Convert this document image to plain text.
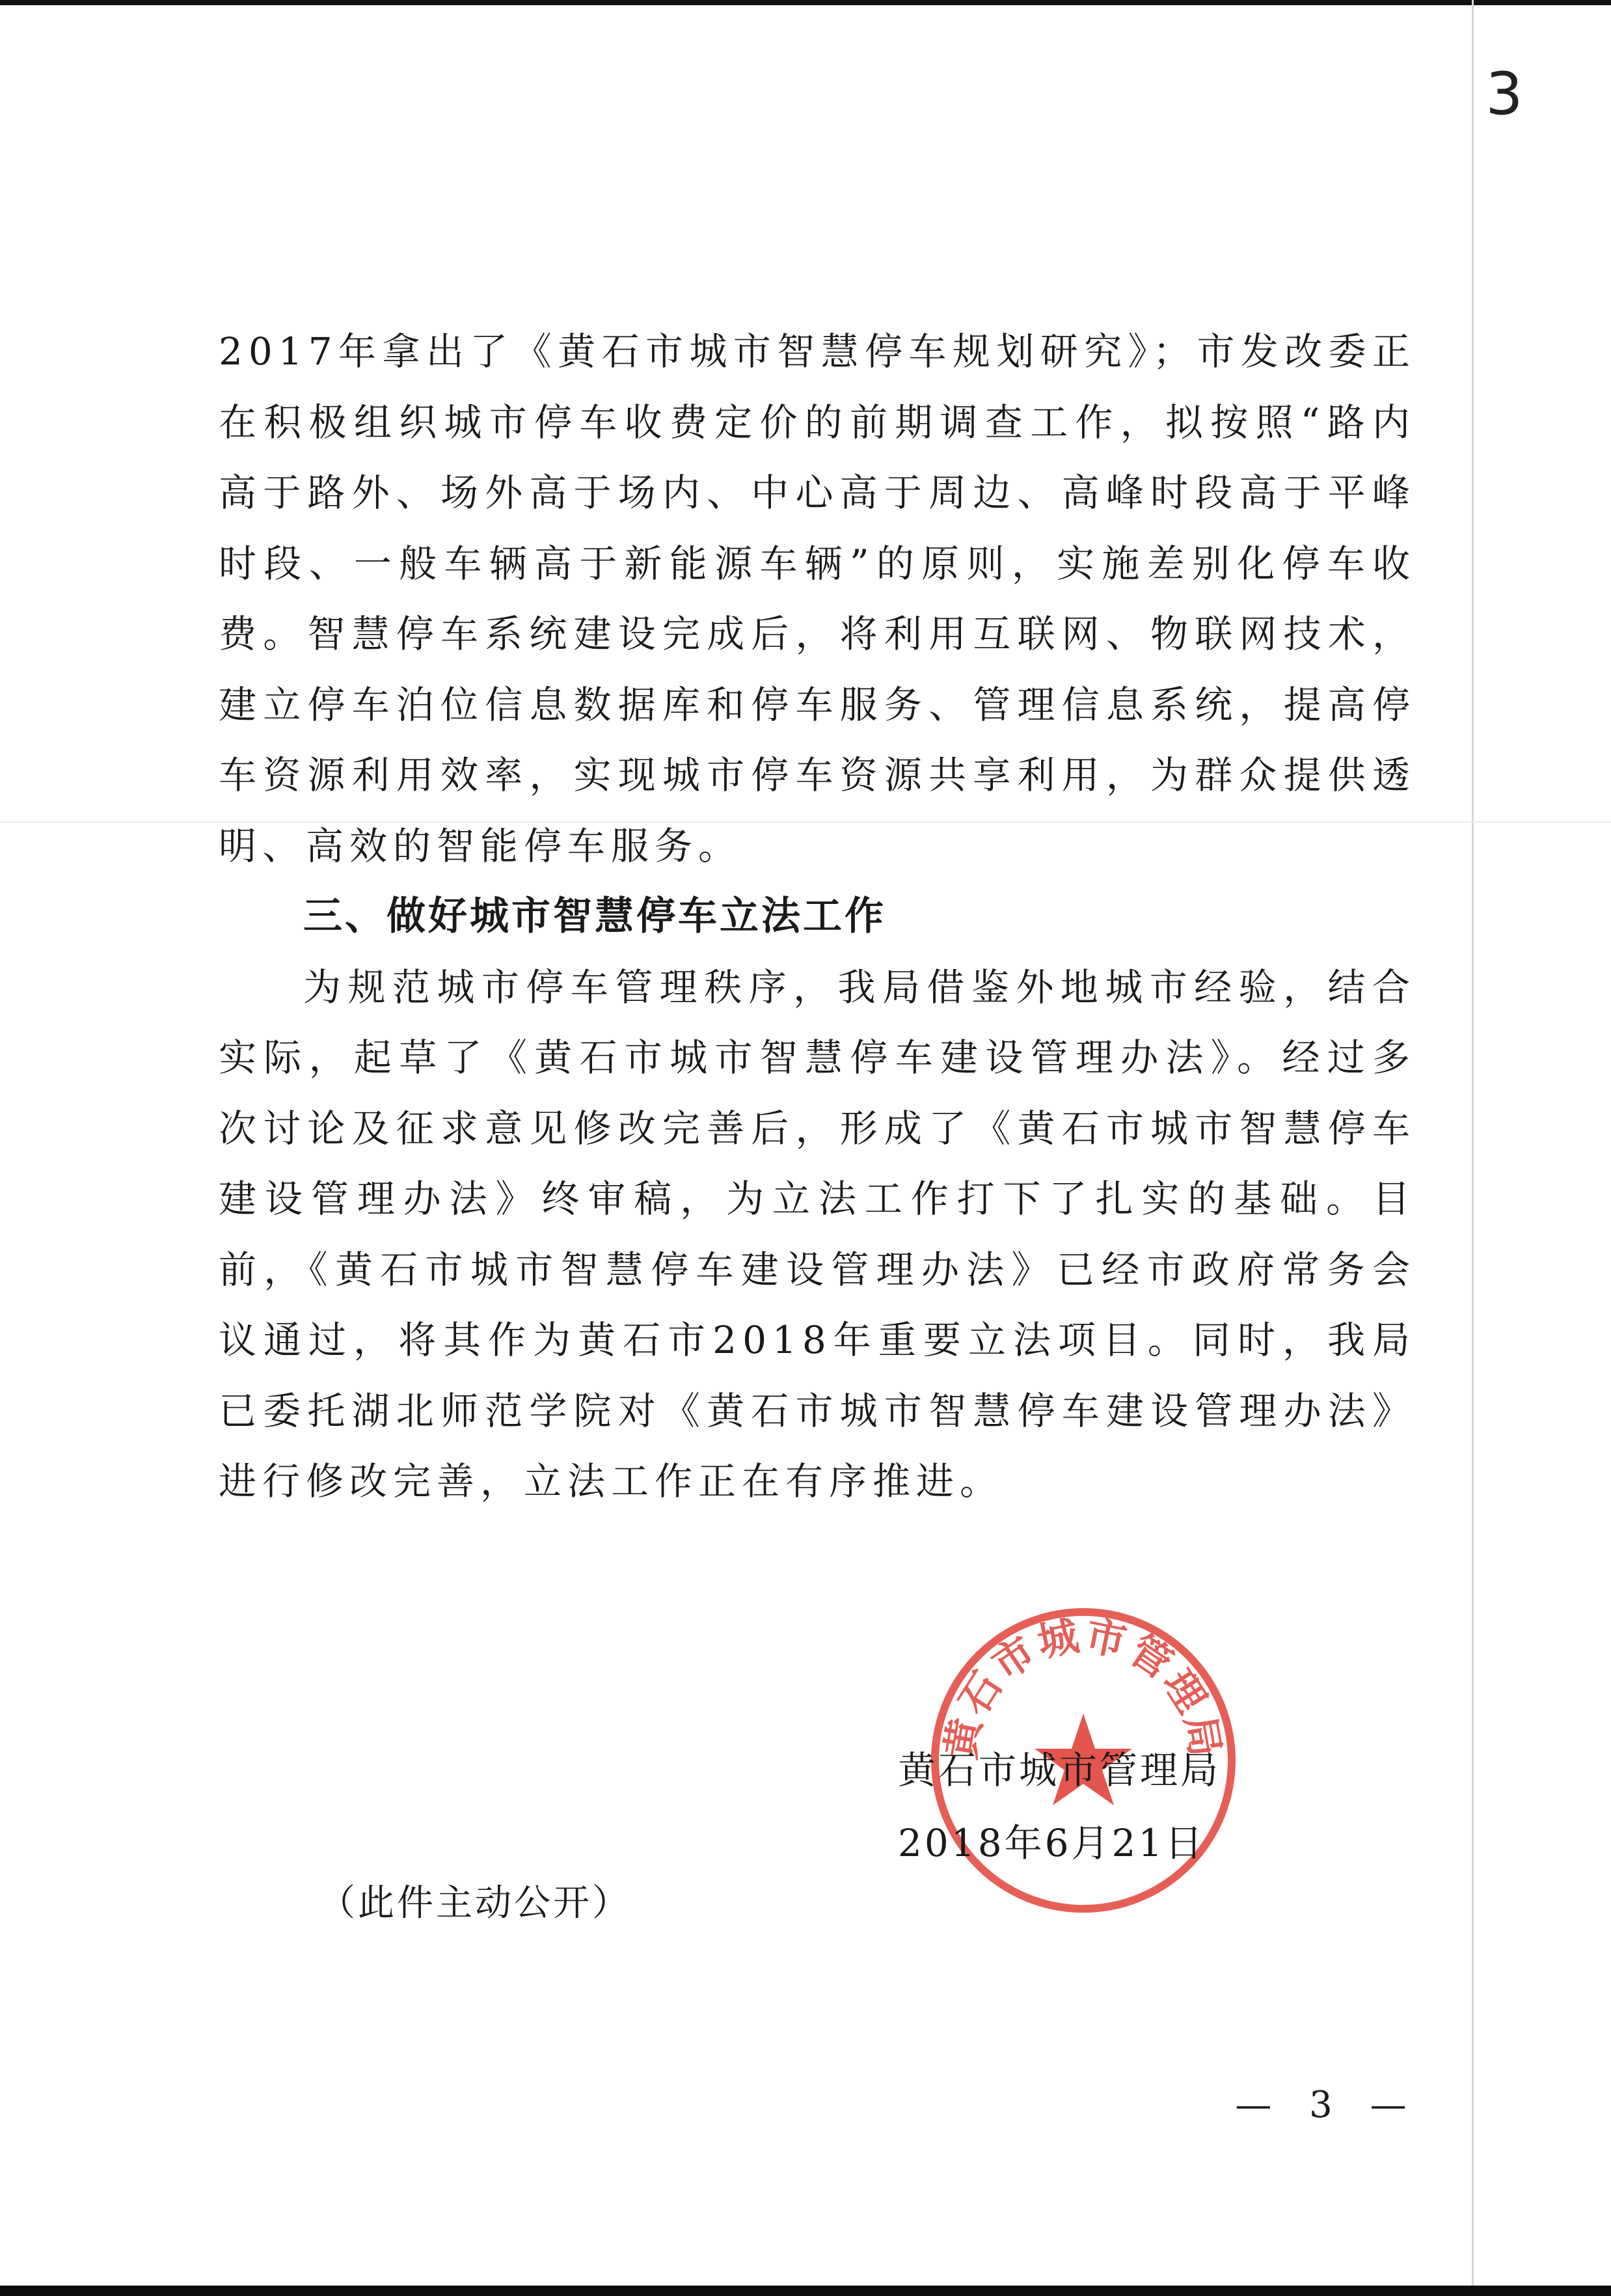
3

2017年拿出了《黄石市城市智慧停车规划研究》；市发改委正在积极组织城市停车收费定价的前期调查工作，拟按照“路内高于路外、场外高于场内、中心高于周边、高峰时段高于平峰时段、一般车辆高于新能源车辆”的原则，实施差别化停车收费。智慧停车系统建设完成后，将利用互联网、物联网技术，建立停车泊位信息数据库和停车服务、管理信息系统，提高停车资源利用效率，实现城市停车资源共享利用，为群众提供透明、高效的智能停车服务。

三、做好城市智慧停车立法工作

为规范城市停车管理秩序，我局借鉴外地城市经验，结合实际，起草了《黄石市城市智慧停车建设管理办法》。经过多次讨论及征求意见修改完善后，形成了《黄石市城市智慧停车建设管理办法》终审稿，为立法工作打下了扎实的基础。目前，《黄石市城市智慧停车建设管理办法》已经市政府常务会议通过，将其作为黄石市2018年重要立法项目。同时，我局已委托湖北师范学院对《黄石市城市智慧停车建设管理办法》进行修改完善，立法工作正在有序推进。

黄石市城市管理局
黄石市城市管理局
2018年6月21日
（此件主动公开）
— 3 —
